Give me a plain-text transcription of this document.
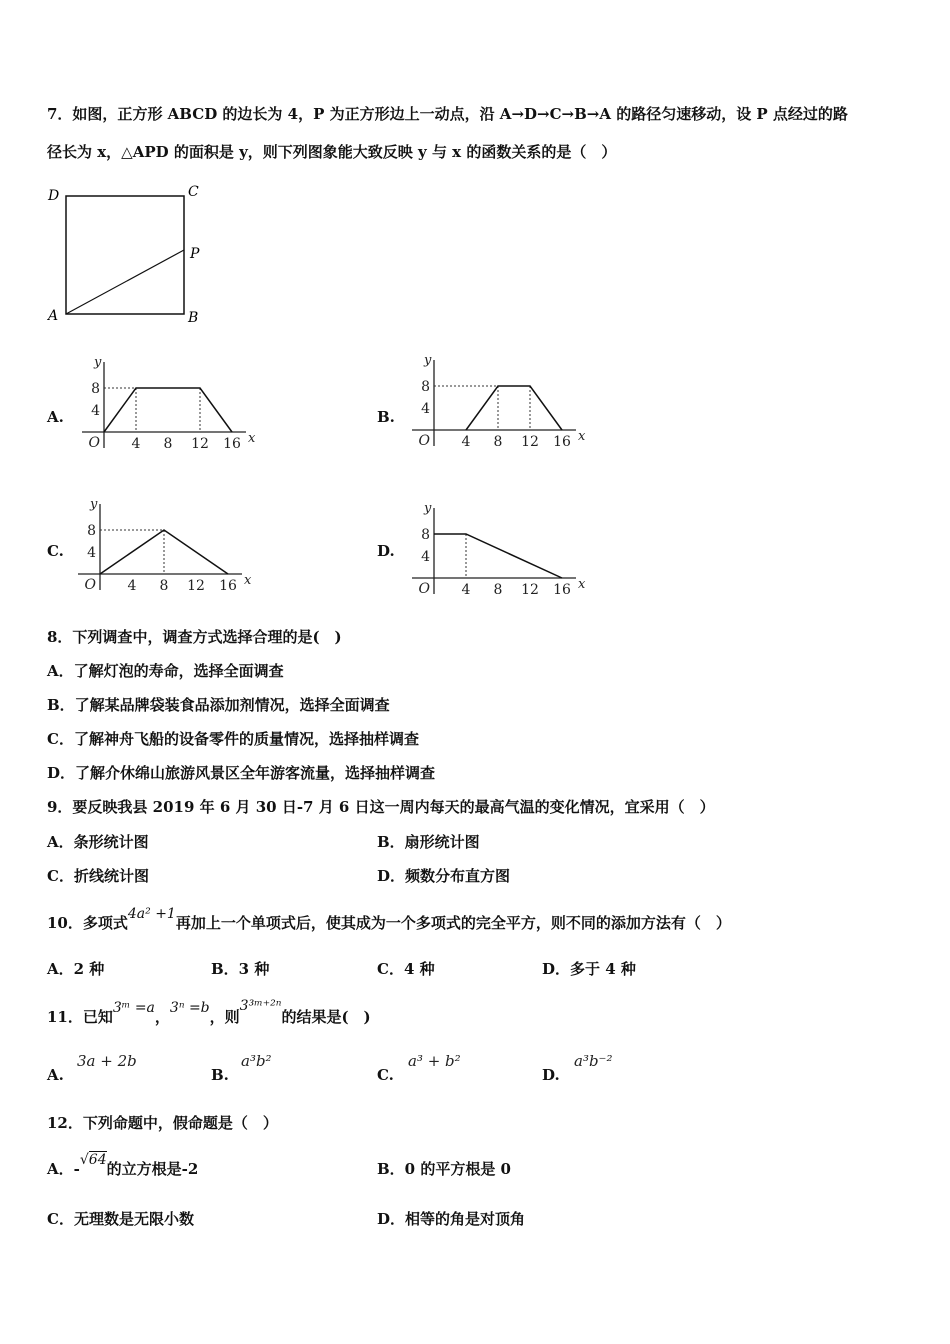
7．如图，正方形 ABCD 的边长为 4，P 为正方形边上一动点，沿 A→D→C→B→A 的路径匀速移动，设 P 点经过的路
径长为 x，△APD 的面积是 y，则下列图象能大致反映 y 与 x 的函数关系的是（　）
D	C
P
A	B
A.
4 8 12 16
4
8
O	x
y
B.
4 8 12 16
4
8
O	x
y
C.
4 8 12 16
4
8
O	x
y
D.
4 8 12 16
4
8
O	x
y
8．下列调查中，调查方式选择合理的是(　)
A．了解灯泡的寿命，选择全面调查
B．了解某品牌袋装食品添加剂情况，选择全面调查
C．了解神舟飞船的设备零件的质量情况，选择抽样调查
D．了解介休绵山旅游风景区全年游客流量，选择抽样调查
9．要反映我县 2019 年 6 月 30 日-7 月 6 日这一周内每天的最高气温的变化情况，宜采用（　）
A．条形统计图	B．扇形统计图
C．折线统计图	D．频数分布直方图
10．多项式4a² +1再加上一个单项式后，使其成为一个多项式的完全平方，则不同的添加方法有（　）
A．2 种	B．3 种	C．4 种	D．多于 4 种
11．已知3ᵐ =a，3ⁿ =b，则3³ᵐ⁺²ⁿ的结果是(　)
A.
3a + 2b
B.
a³b²
C.
a³ + b²
D.
a³b⁻²
12．下列命题中，假命题是（　）
A．-√64的立方根是-2	B．0 的平方根是 0
C．无理数是无限小数	D．相等的角是对顶角
